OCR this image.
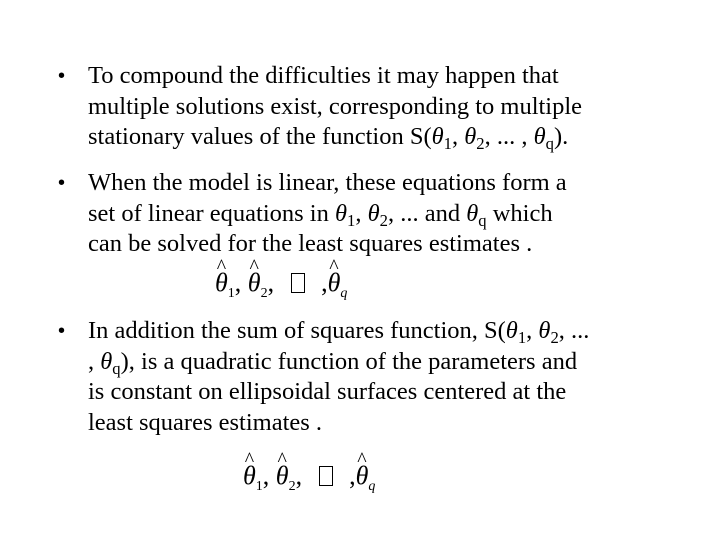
• To compound the difficulties it may happen that
multiple solutions exist, corresponding to multiple
stationary values of the function $S(\theta_1$, $\theta_2$, ... , $\theta_q$).
• When the model is linear, these equations form a
set of linear equations in $\theta_1$, $\theta_2$, ... and $\theta_q$ which
can be solved for the least squares estimates .
^ $\theta_1$, ^ $\theta_2$, ,^ $\theta_q$
• In addition the sum of squares function, $S(\theta_1$, $\theta_2$, ...
, $\theta_q$), is a quadratic function of the parameters and
is constant on ellipsoidal surfaces centered at the
least squares estimates .
^ $\theta_1$, ^ $\theta_2$, ,^ $\theta_q$
